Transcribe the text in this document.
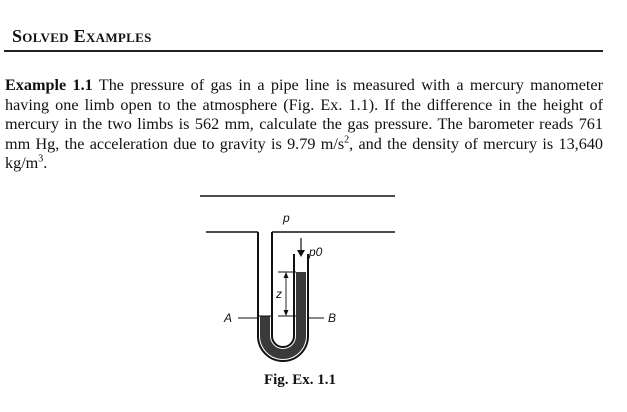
Solved Examples

Example 1.1 The pressure of gas in a pipe line is measured with a mercury manometer having one limb open to the atmosphere (Fig. Ex. 1.1). If the difference in the height of mercury in the two limbs is 562 mm, calculate the gas pressure. The barometer reads 761 mm Hg, the acceleration due to gravity is 9.79 $m/s^2$, and the density of mercury is 13,640 $kg/m^3$.

p
p0
A	B
z

Fig. Ex. 1.1
